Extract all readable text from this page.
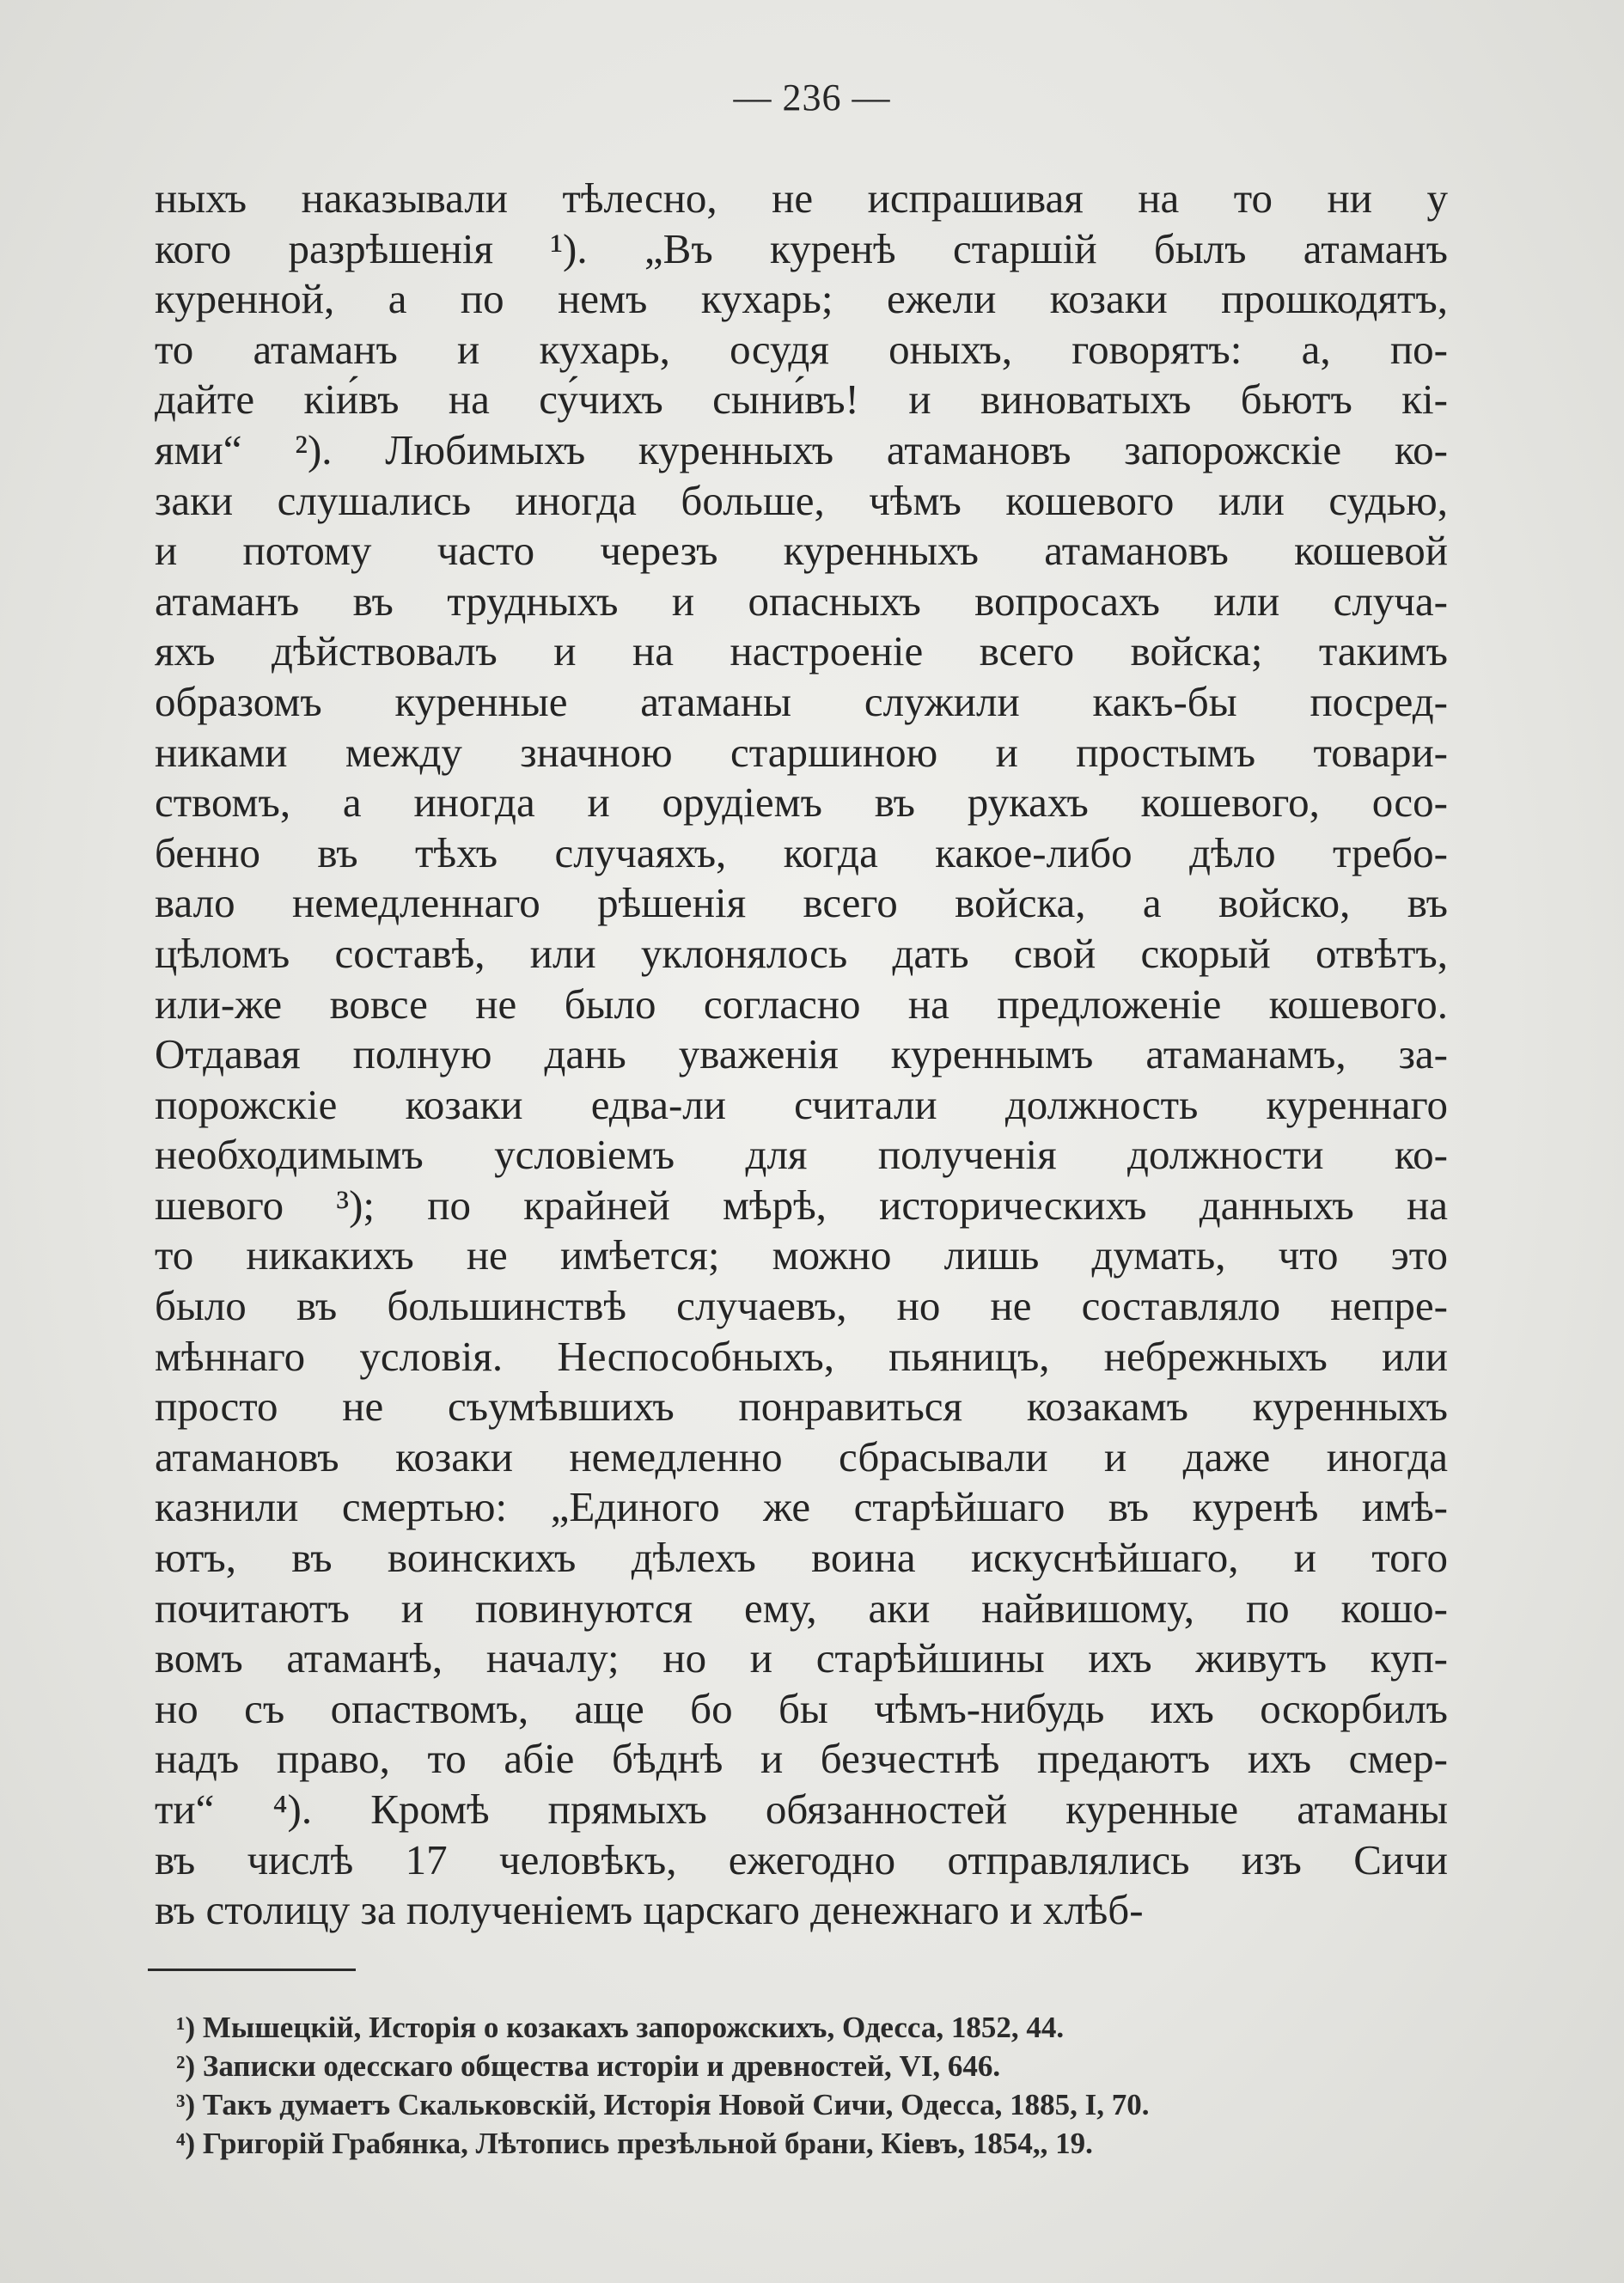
— 236 —
ныхъ наказывали тѣлесно, не испрашивая на то ни у
кого разрѣшенія ¹). „Въ куренѣ старшій былъ атаманъ
куренной, а по немъ кухарь; ежели козаки прошкодятъ,
то атаманъ и кухарь, осудя оныхъ, говорятъ: а, по-
дайте кіи́въ на су́чихъ сыни́въ! и виноватыхъ бьютъ кі-
ями“ ²). Любимыхъ куренныхъ атамановъ запорожскіе ко-
заки слушались иногда больше, чѣмъ кошевого или судью,
и потому часто черезъ куренныхъ атамановъ кошевой
атаманъ въ трудныхъ и опасныхъ вопросахъ или случа-
яхъ дѣйствовалъ и на настроеніе всего войска; такимъ
образомъ куренные атаманы служили какъ-бы посред-
никами между значною старшиною и простымъ товари-
ствомъ, а иногда и орудіемъ въ рукахъ кошевого, осо-
бенно въ тѣхъ случаяхъ, когда какое-либо дѣло требо-
вало немедленнаго рѣшенія всего войска, а войско, въ
цѣломъ составѣ, или уклонялось дать свой скорый отвѣтъ,
или-же вовсе не было согласно на предложеніе кошевого.
Отдавая полную дань уваженія куреннымъ атаманамъ, за-
порожскіе козаки едва-ли считали должность куреннаго
необходимымъ условіемъ для полученія должности ко-
шевого ³); по крайней мѣрѣ, историческихъ данныхъ на
то никакихъ не имѣется; можно лишь думать, что это
было въ большинствѣ случаевъ, но не составляло непре-
мѣннаго условія. Неспособныхъ, пьяницъ, небрежныхъ или
просто не съумѣвшихъ понравиться козакамъ куренныхъ
атамановъ козаки немедленно сбрасывали и даже иногда
казнили смертью: „Единого же старѣйшаго въ куренѣ имѣ-
ютъ, въ воинскихъ дѣлехъ воина искуснѣйшаго, и того
почитаютъ и повинуются ему, аки найвишому, по кошо-
вомъ атаманѣ, началу; но и старѣйшины ихъ живутъ куп-
но съ опаствомъ, аще бо бы чѣмъ-нибудь ихъ оскорбилъ
надъ право, то абіе бѣднѣ и безчестнѣ предаютъ ихъ смер-
ти“ ⁴). Кромѣ прямыхъ обязанностей куренные атаманы
въ числѣ 17 человѣкъ, ежегодно отправлялись изъ Сичи
въ столицу за полученіемъ царскаго денежнаго и хлѣб-
¹) Мышецкій, Исторія о козакахъ запорожскихъ, Одесса, 1852, 44.
²) Записки одесскаго общества исторіи и древностей, VI, 646.
³) Такъ думаетъ Скальковскій, Исторія Новой Сичи, Одесса, 1885, I, 70.
⁴) Григорій Грабянка, Лѣтопись презѣльной брани, Кіевъ, 1854,, 19.
